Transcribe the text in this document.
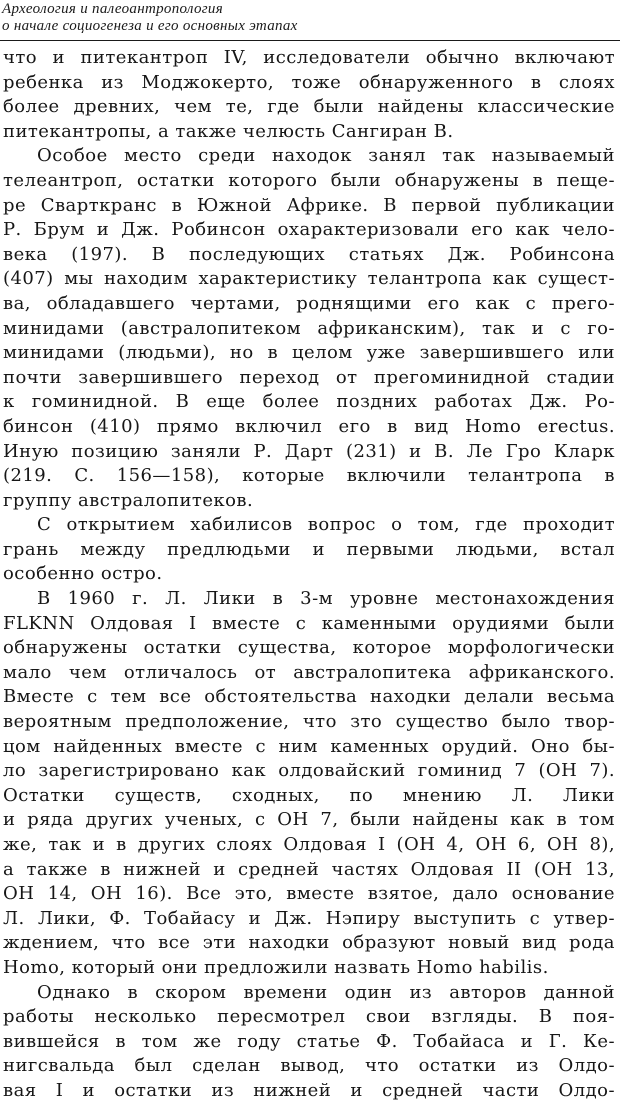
Археология и палеоантропология
о начале социогенеза и его основных этапах
что и питекантроп IV, исследователи обычно включают
ребенка из Моджокерто, тоже обнаруженного в слоях
более древних, чем те, где были найдены классические
питекантропы, а также челюсть Сангиран В.
Особое место среди находок занял так называемый
телеантроп, остатки которого были обнаружены в пеще-
ре Сварткранс в Южной Африке. В первой публикации
Р. Брум и Дж. Робинсон охарактеризовали его как чело-
века (197). В последующих статьях Дж. Робинсона
(407) мы находим характеристику телантропа как сущест-
ва, обладавшего чертами, роднящими его как с прего-
минидами (австралопитеком африканским), так и с го-
минидами (людьми), но в целом уже завершившего или
почти завершившего переход от прегоминидной стадии
к гоминидной. В еще более поздних работах Дж. Ро-
бинсон (410) прямо включил его в вид Homo erectus.
Иную позицию заняли Р. Дарт (231) и В. Ле Гро Кларк
(219. С. 156—158), которые включили телантропа в
группу австралопитеков.
С открытием хабилисов вопрос о том, где проходит
грань между предлюдьми и первыми людьми, встал
особенно остро.
В 1960 г. Л. Лики в 3-м уровне местонахождения
FLKNN Олдовая I вместе с каменными орудиями были
обнаружены остатки существа, которое морфологически
мало чем отличалось от австралопитека африканского.
Вместе с тем все обстоятельства находки делали весьма
вероятным предположение, что зто существо было твор-
цом найденных вместе с ним каменных орудий. Оно бы-
ло зарегистрировано как олдовайский гоминид 7 (ОН 7).
Остатки существ, сходных, по мнению Л. Лики
и ряда других ученых, с ОН 7, были найдены как в том
же, так и в других слоях Олдовая I (ОН 4, ОН 6, ОН 8),
а также в нижней и средней частях Олдовая II (ОН 13,
ОН 14, ОН 16). Все это, вместе взятое, дало основание
Л. Лики, Ф. Тобайасу и Дж. Нэпиру выступить с утвер-
ждением, что все эти находки образуют новый вид рода
Homo, который они предложили назвать Homo habilis.
Однако в скором времени один из авторов данной
работы несколько пересмотрел свои взгляды. В поя-
вившейся в том же году статье Ф. Тобайаса и Г. Ке-
нигсвальда был сделан вывод, что остатки из Олдо-
вая I и остатки из нижней и средней части Олдо-
